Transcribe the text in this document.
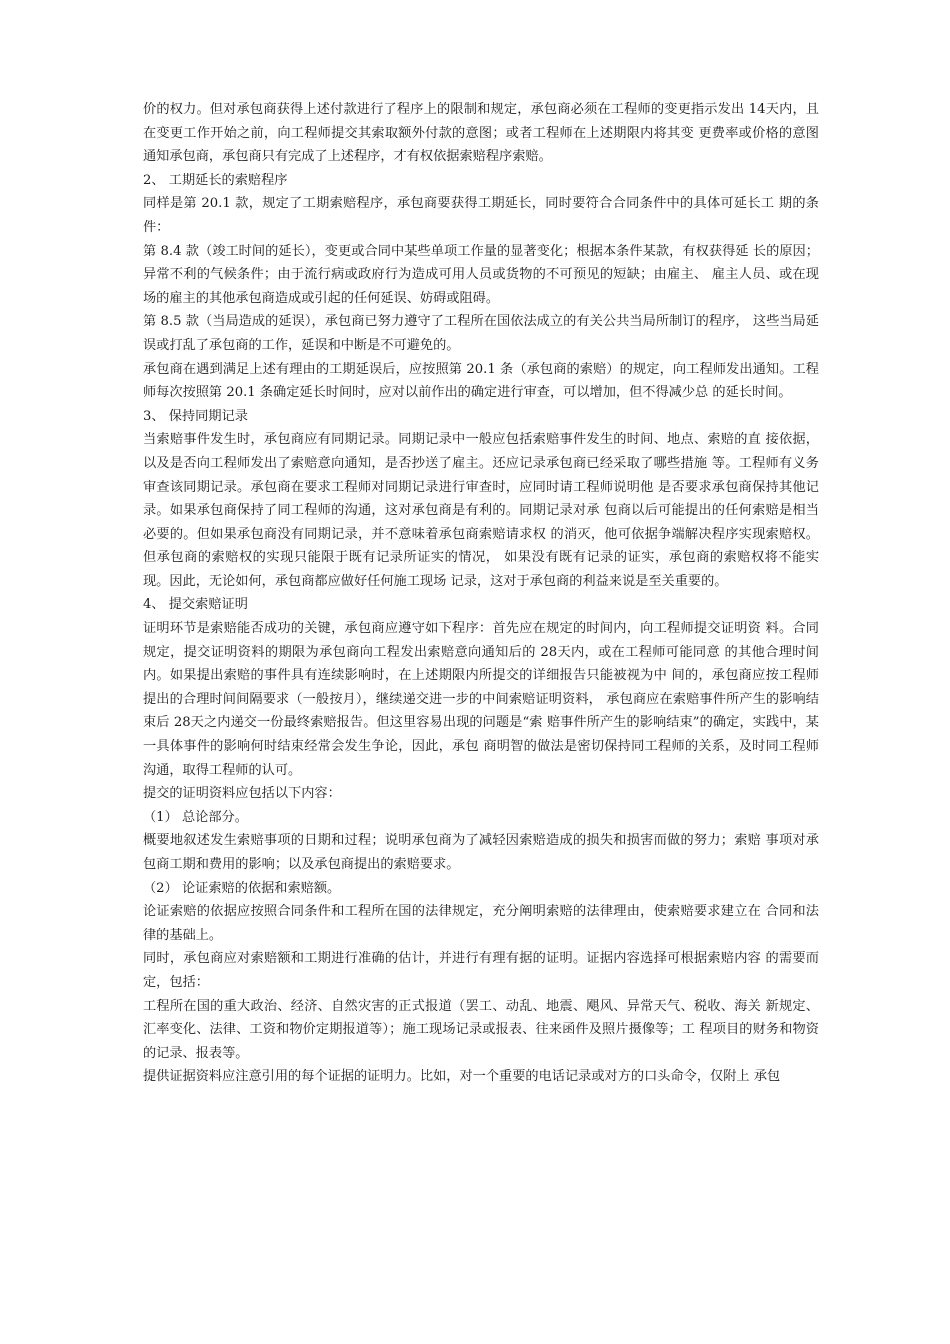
价的权力。但对承包商获得上述付款进行了程序上的限制和规定，承包商必须在工程师的变更指示发出 14天内，且在变更工作开始之前，向工程师提交其索取额外付款的意图；或者工程师在上述期限内将其变 更费率或价格的意图通知承包商，承包商只有完成了上述程序，才有权依据索赔程序索赔。

2、 工期延长的索赔程序

同样是第 20.1 款，规定了工期索赔程序，承包商要获得工期延长，同时要符合合同条件中的具体可延长工 期的条件：

第 8.4 款（竣工时间的延长），变更或合同中某些单项工作量的显著变化；根据本条件某款，有权获得延 长的原因；异常不利的气候条件；由于流行病或政府行为造成可用人员或货物的不可预见的短缺；由雇主、 雇主人员、或在现场的雇主的其他承包商造成或引起的任何延误、妨碍或阻碍。

第 8.5 款（当局造成的延误），承包商已努力遵守了工程所在国依法成立的有关公共当局所制订的程序， 这些当局延误或打乱了承包商的工作，延误和中断是不可避免的。

承包商在遇到满足上述有理由的工期延误后，应按照第 20.1 条（承包商的索赔）的规定，向工程师发出通知。工程师每次按照第 20.1 条确定延长时间时，应对以前作出的确定进行审查，可以增加，但不得减少总 的延长时间。

3、 保持同期记录

当索赔事件发生时，承包商应有同期记录。同期记录中一般应包括索赔事件发生的时间、地点、索赔的直 接依据，以及是否向工程师发出了索赔意向通知，是否抄送了雇主。还应记录承包商已经采取了哪些措施 等。工程师有义务审查该同期记录。承包商在要求工程师对同期记录进行审查时，应同时请工程师说明他 是否要求承包商保持其他记录。如果承包商保持了同工程师的沟通，这对承包商是有利的。同期记录对承 包商以后可能提出的任何索赔是相当必要的。但如果承包商没有同期记录，并不意味着承包商索赔请求权 的消灭，他可依据争端解决程序实现索赔权。但承包商的索赔权的实现只能限于既有记录所证实的情况， 如果没有既有记录的证实，承包商的索赔权将不能实现。因此，无论如何，承包商都应做好任何施工现场 记录，这对于承包商的利益来说是至关重要的。

4、 提交索赔证明

证明环节是索赔能否成功的关键，承包商应遵守如下程序：首先应在规定的时间内，向工程师提交证明资 料。合同规定，提交证明资料的期限为承包商向工程发出索赔意向通知后的 28天内，或在工程师可能同意 的其他合理时间内。如果提出索赔的事件具有连续影响时，在上述期限内所提交的详细报告只能被视为中 间的，承包商应按工程师提出的合理时间间隔要求（一般按月），继续递交进一步的中间索赔证明资料， 承包商应在索赔事件所产生的影响结束后 28天之内递交一份最终索赔报告。但这里容易出现的问题是“索 赔事件所产生的影响结束”的确定，实践中，某一具体事件的影响何时结束经常会发生争论，因此，承包 商明智的做法是密切保持同工程师的关系，及时同工程师沟通，取得工程师的认可。

提交的证明资料应包括以下内容：

（1） 总论部分。

概要地叙述发生索赔事项的日期和过程；说明承包商为了减轻因索赔造成的损失和损害而做的努力；索赔 事项对承包商工期和费用的影响；以及承包商提出的索赔要求。

（2） 论证索赔的依据和索赔额。

论证索赔的依据应按照合同条件和工程所在国的法律规定，充分阐明索赔的法律理由，使索赔要求建立在 合同和法律的基础上。

同时，承包商应对索赔额和工期进行准确的估计，并进行有理有据的证明。证据内容选择可根据索赔内容 的需要而定，包括：

工程所在国的重大政治、经济、自然灾害的正式报道（罢工、动乱、地震、飓风、异常天气、税收、海关 新规定、汇率变化、法律、工资和物价定期报道等）；施工现场记录或报表、往来函件及照片摄像等；工 程项目的财务和物资的记录、报表等。

提供证据资料应注意引用的每个证据的证明力。比如，对一个重要的电话记录或对方的口头命令，仅附上 承包
